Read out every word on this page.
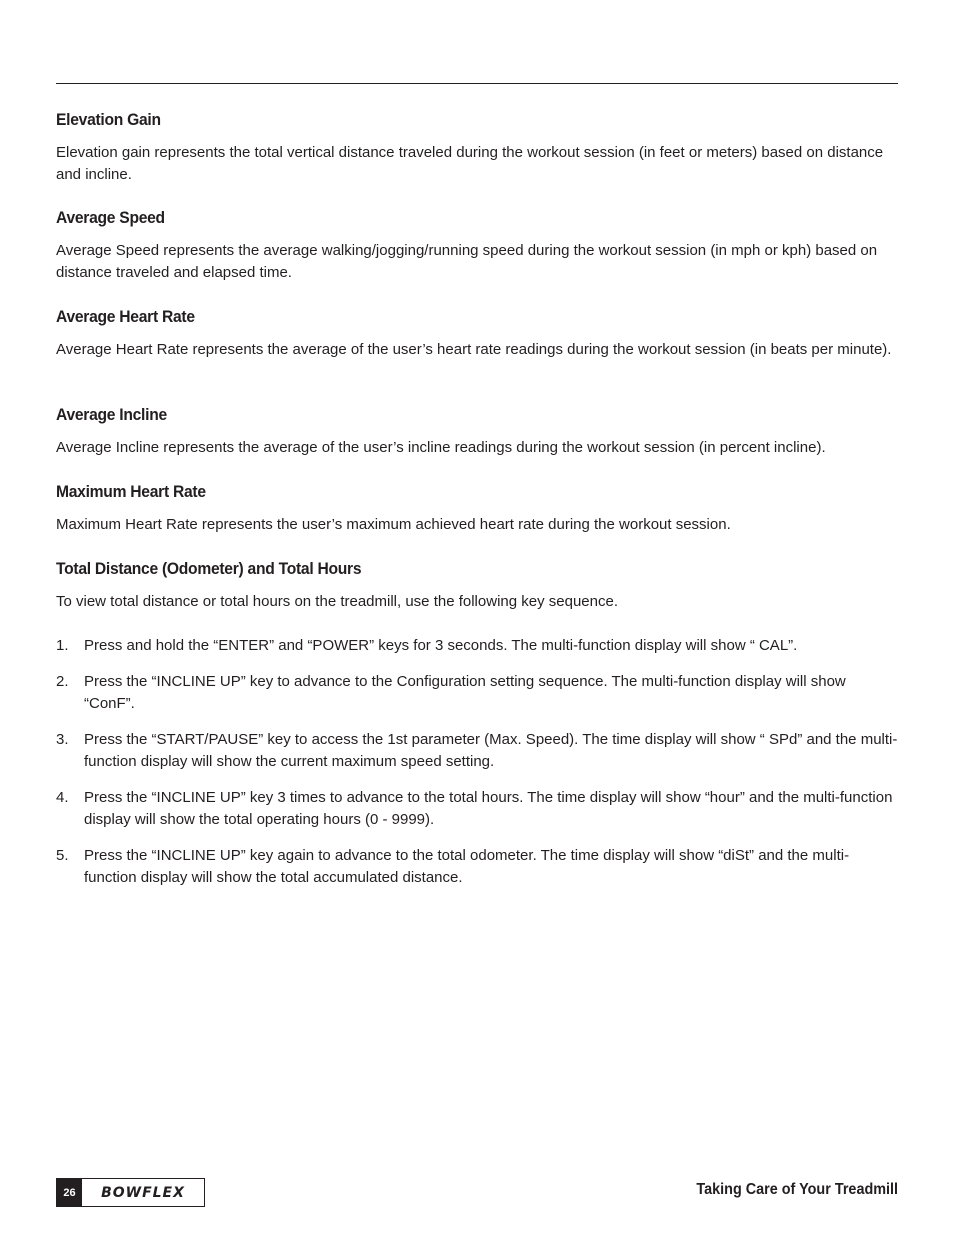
Elevation Gain

Elevation gain represents the total vertical distance traveled during the workout session (in feet or meters) based on distance and incline.

Average Speed

Average Speed represents the average walking/jogging/running speed during the workout session (in mph or kph) based on distance traveled and elapsed time.

Average Heart Rate

Average Heart Rate represents the average of the user’s heart rate readings during the workout session (in beats per minute).

Average Incline

Average Incline represents the average of the user’s incline readings during the workout session (in percent incline).

Maximum Heart Rate

Maximum Heart Rate represents the user’s maximum achieved heart rate during the workout session.

Total Distance (Odometer) and Total Hours

To view total distance or total hours on the treadmill, use the following key sequence.

1. Press and hold the “ENTER” and “POWER” keys for 3 seconds. The multi-function display will show “ CAL”.
2. Press the “INCLINE UP” key to advance to the Configuration setting sequence. The multi-function display will show “ConF”.
3. Press the “START/PAUSE” key to access the 1st parameter (Max. Speed). The time display will show “ SPd” and the multi-function display will show the current maximum speed setting.
4. Press the “INCLINE UP” key 3 times to advance to the total hours. The time display will show “hour” and the multi-function display will show the total operating hours (0 - 9999).
5. Press the “INCLINE UP” key again to advance to the total odometer. The time display will show “diSt” and the multi-function display will show the total accumulated distance.
26	BOWFLEX	Taking Care of Your Treadmill
